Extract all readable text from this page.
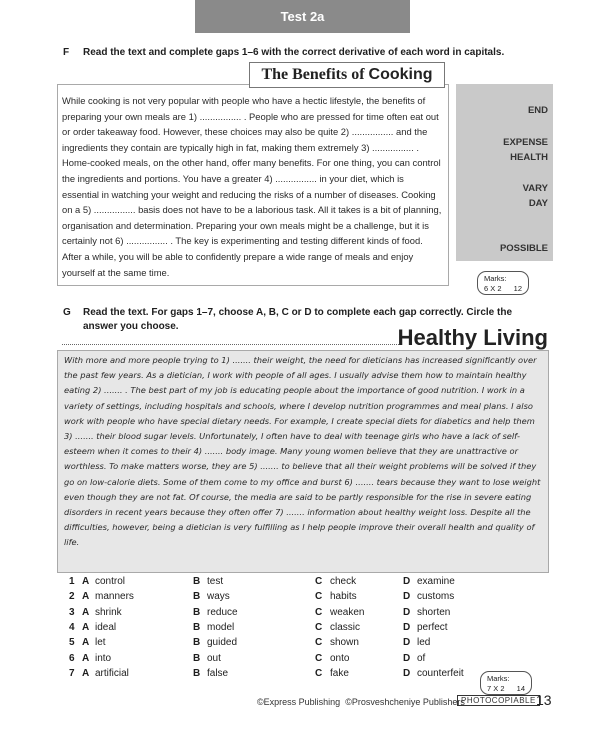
Test 2a
F Read the text and complete gaps 1–6 with the correct derivative of each word in capitals.
The Benefits of Cooking

While cooking is not very popular with people who have a hectic lifestyle, the benefits of preparing your own meals are 1) ................ . People who are pressed for time often eat out or order takeaway food. However, these choices may also be quite 2) ................ and the ingredients they contain are typically high in fat, making them extremely 3) ................ . Home-cooked meals, on the other hand, offer many benefits. For one thing, you can control the ingredients and portions. You have a greater 4) ................ in your diet, which is essential in watching your weight and reducing the risks of a number of diseases. Cooking on a 5) ................ basis does not have to be a laborious task. All it takes is a bit of planning, organisation and determination. Preparing your own meals might be a challenge, but it is certainly not 6) ................ . The key is experimenting and testing different kinds of food. After a while, you will be able to confidently prepare a wide range of meals and enjoy yourself at the same time.

END
EXPENSE
HEALTH
VARY
DAY
POSSIBLE
Marks:
6 X 2 12
G Read the text. For gaps 1–7, choose A, B, C or D to complete each gap correctly. Circle the
answer you choose.	Healthy Living

With more and more people trying to 1) ....... their weight, the need for dieticians has increased significantly over the past few years. As a dietician, I work with people of all ages. I usually advise them how to maintain healthy eating 2) ....... . The best part of my job is educating people about the importance of good nutrition. I work in a variety of settings, including hospitals and schools, where I develop nutrition programmes and meal plans. I also work with people who have special dietary needs. For example, I create special diets for diabetics and help them 3) ....... their blood sugar levels. Unfortunately, I often have to deal with teenage girls who have a lack of self-esteem when it comes to their 4) ....... body image. Many young women believe that they are unattractive or worthless. To make matters worse, they are 5) ....... to believe that all their weight problems will be solved if they go on low-calorie diets. Some of them come to my office and burst 6) ....... tears because they want to lose weight even though they are not fat. Of course, the media are said to be partly responsible for the rise in severe eating disorders in recent years because they often offer 7) ....... information about healthy weight loss. Despite all the difficulties, however, being a dietician is very fulfilling as I help people improve their overall health and quality of life.

1 A control	B test	C check	D examine
2 A manners	B ways	C habits	D customs
3 A shrink	B reduce	C weaken	D shorten
4 A ideal	B model	C classic	D perfect
5 A let	B guided	C shown	D led
6 A into	B out	C onto	D of
7 A artificial	B false	C fake	D counterfeit	Marks:
7 X 2 14
©Express Publishing ©Prosveshcheniye Publishers
PHOTOCOPIABLE 13
